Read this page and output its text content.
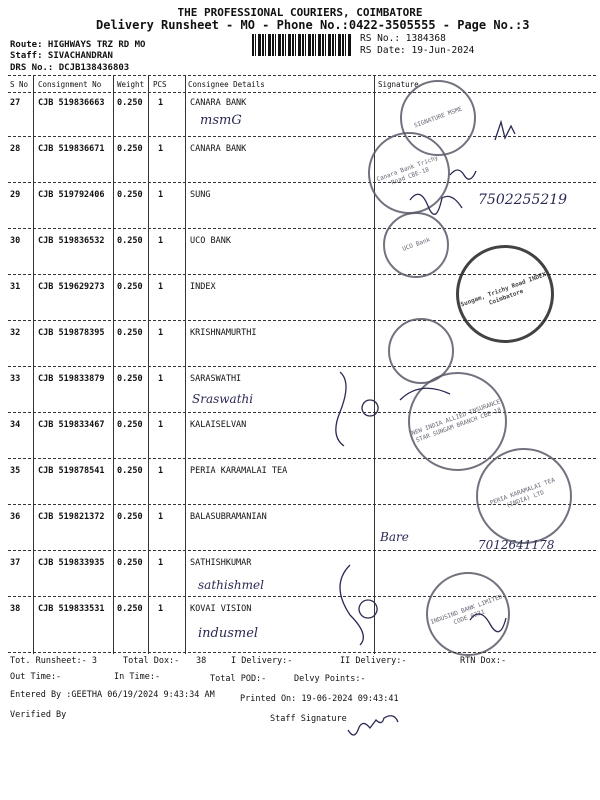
THE PROFESSIONAL COURIERS, COIMBATORE
Delivery Runsheet - MO - Phone No.:0422-3505555 - Page No.:3
Route: HIGHWAYS TRZ RD MO
Staff: SIVACHANDRAN
DRS No.: DCJB138436803
RS No.: 1384368
RS Date: 19-Jun-2024
S No Consignment No Weight PCS	Consignee Details	Signature
27 CJB 519836663 0.250 1	CANARA BANK
28 CJB 519836671 0.250 1	CANARA BANK
29 CJB 519792406 0.250 1	SUNG
30 CJB 519836532 0.250 1	UCO BANK
31 CJB 519629273 0.250 1	INDEX
32 CJB 519878395 0.250 1	KRISHNAMURTHI
33 CJB 519833879 0.250 1	SARASWATHI
34 CJB 519833467 0.250 1	KALAISELVAN
35 CJB 519878541 0.250 1	PERIA KARAMALAI TEA
36 CJB 519821372 0.250 1	BALASUBRAMANIAN
37 CJB 519833935 0.250 1	SATHISHKUMAR
38 CJB 519833531 0.250 1	KOVAI VISION
SIGNATURE MSME
Canara Bank Trichy Road CBE-18
UCO Bank
Sungam, Trichy Road INDEX Coimbatore
NEW INDIA ALLIED INSURANCE STAR SUNGAM BRANCH CBE-18
PERIA KARAMALAI TEA (INDIA) LTD
INDUSIND BANK LIMITED CODE 0321
msmG
7502255219
Sraswathi
Bare
7012641178
sathishmel
indusmel
Tot. Runsheet:- 3	Total Dox:- 38	I Delivery:-	II Delivery:-	RTN Dox:-
Out Time:-	In Time:-	Total POD:-	Delvy Points:-
Entered By :GEETHA 06/19/2024 9:43:34 AM	Printed On: 19-06-2024 09:43:41
Verified By	Staff Signature
